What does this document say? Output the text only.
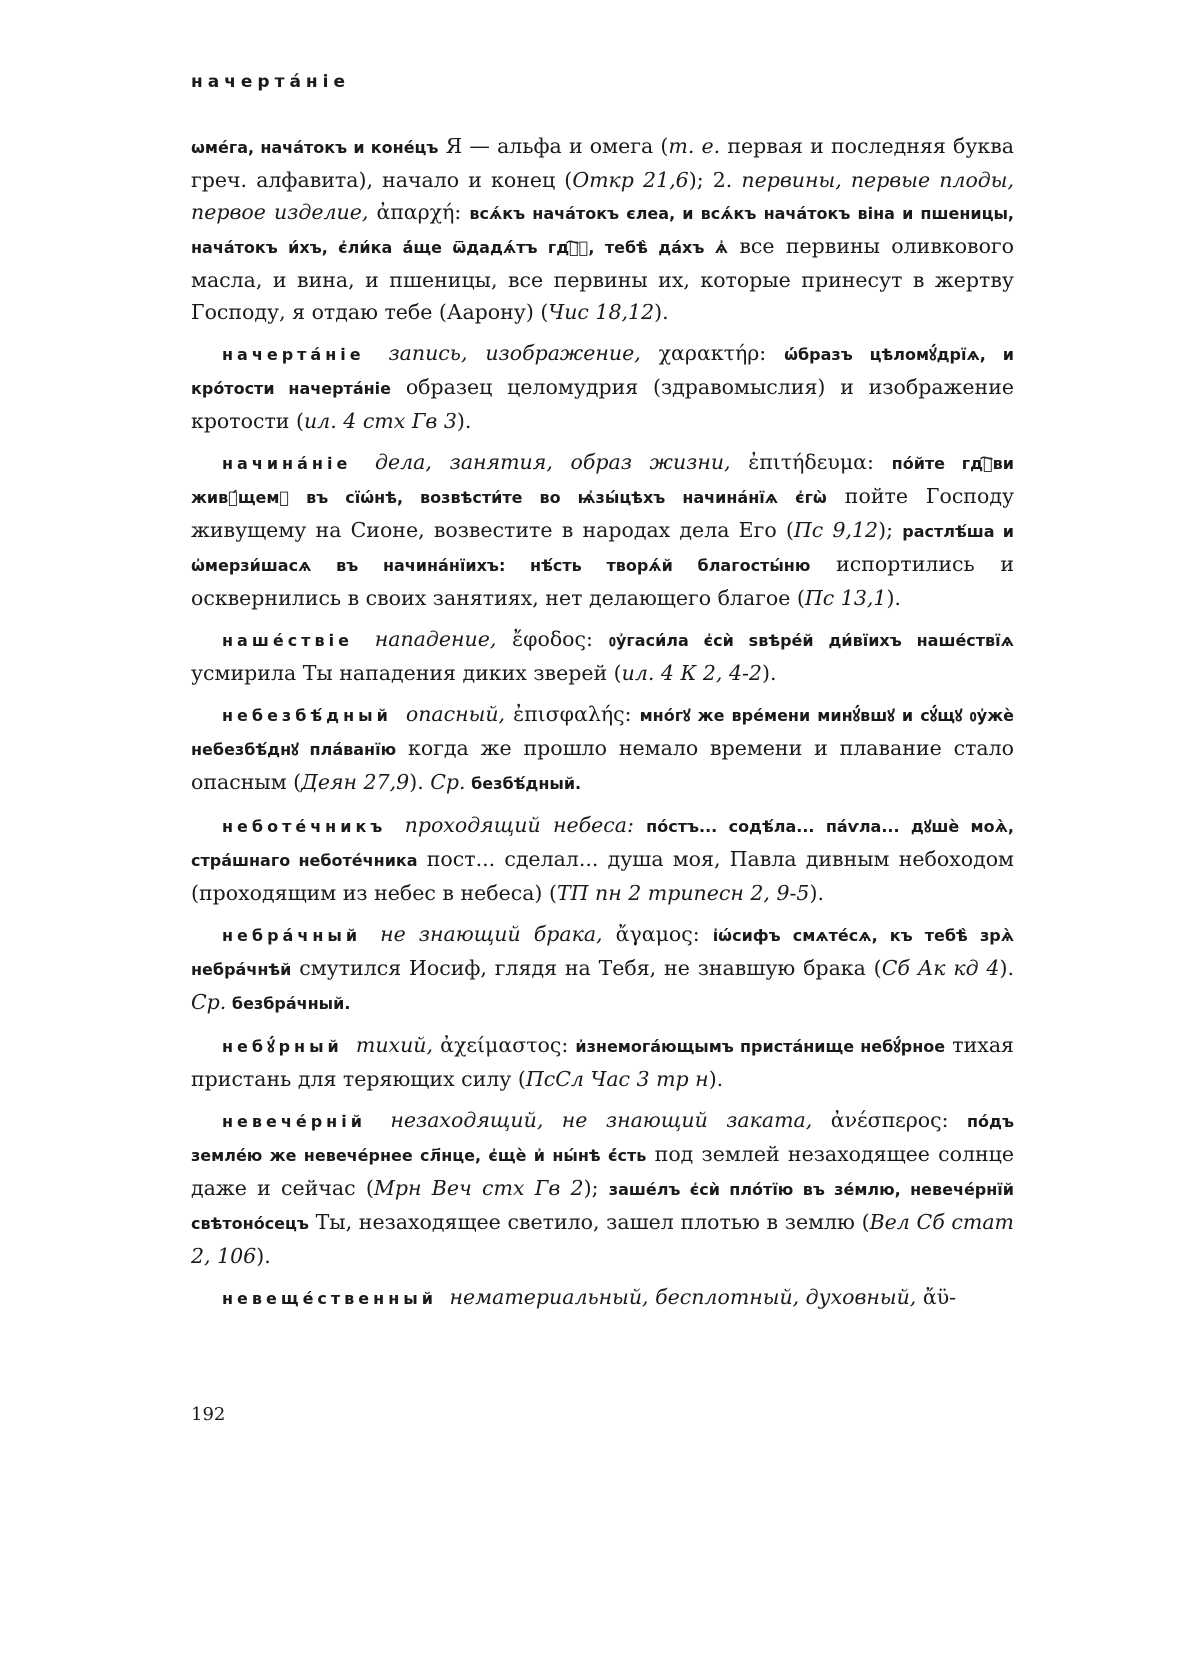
начертáніе

ѡмéга, начáтокъ и конéцъ Я — альфа и омега (т. е. первая и последняя буква греч. алфавита), начало и конец (Откр 21,6); 2. первины, первые плоды, первое изделие, ἀπαρχή: всѧ́къ начáтокъ єлеа, и всѧ́къ начáтокъ віна и пшеницы, начáтокъ и́хъ, є҆ли́ка а҆́ще ѿдадѧ́тъ гдⷭ҇ꙋ, тебѣ̀ да́хъ ѧ҆ все первины оливкового масла, и вина, и пшеницы, все первины их, которые принесут в жертву Господу, я отдаю тебе (Аарону) (Чис 18,12).

начертáніе запись, изображение, χαρακτήρ: ѡ҆́бразъ цѣломꙋ́дрїѧ, и кро́тости начертáніе образец целомудрия (здравомыслия) и изображение кротости (ил. 4 стх Гв 3).

начинáніе дела, занятия, образ жизни, ἐπιτήδευμα: по́йте гдⷭ҇ви живꙋ́щемꙋ въ сїѡ́нѣ, возвѣсти́те во ѩ҆зы́цѣхъ начинáнїѧ є҆гѡ̀ пойте Господу живущему на Сионе, возвестите в народах дела Его (Пс 9,12); растлѣ́ша и ѡ҆мерзи́шасѧ въ начинáнїихъ: нѣ́сть творѧ́й благосты́ню испортились и осквернились в своих занятиях, нет делающего благое (Пс 13,1).

нашéствіе нападение, ἔφοδος: ᲂу҆гаси́ла є҆сѝ ѕвѣре́й ди́вїихъ нашéствїѧ усмирила Ты нападения диких зверей (ил. 4 К 2, 4-2).

небезбѣ́дный опасный, ἐπισφαλής: мно́гꙋ же врéмени минꙋ́вшꙋ и сꙋ́щꙋ ᲂу҆жѐ небезбѣ́днꙋ плáванїю когда же прошло немало времени и плавание стало опасным (Деян 27,9). Ср. безбѣ́дный.

неботéчникъ проходящий небеса: по́стъ... содѣ́ла... па́ѵла... дꙋшѐ моѧ̀, стра́шнаго неботéчника пост... сделал... душа моя, Павла дивным небоходом (проходящим из небес в небеса) (ТП пн 2 трипесн 2, 9-5).

небрáчный не знающий брака, ἄγαμος: і҆ѡ́сифъ смѧте́сѧ, къ тебѣ̀ зрѧ̀ небрáчнѣй смутился Иосиф, глядя на Тебя, не знавшую брака (Сб Ак кд 4). Ср. безбрáчный.

небꙋ́рный тихий, ἀχείμαστος: и҆знемога́ющымъ пристáнище небꙋ́рное тихая пристань для теряющих силу (ПсСл Час 3 тр н).

невечéрній незаходящий, не знающий заката, ἀνέσπερος: по́дъ землéю же невечéрнее сл҃нце, є҆щѐ и҆ ны́нѣ є҆́сть под землей незаходящее солнце даже и сейчас (Мрн Веч стх Гв 2); зашéлъ є҆сѝ пло́тїю въ зе́млю, невечéрнїй свѣтоно́сецъ Ты, незаходящее светило, зашел плотью в землю (Вел Сб стат 2, 106).

невещéственный нематериальный, бесплотный, духовный, ἄϋ-

192
